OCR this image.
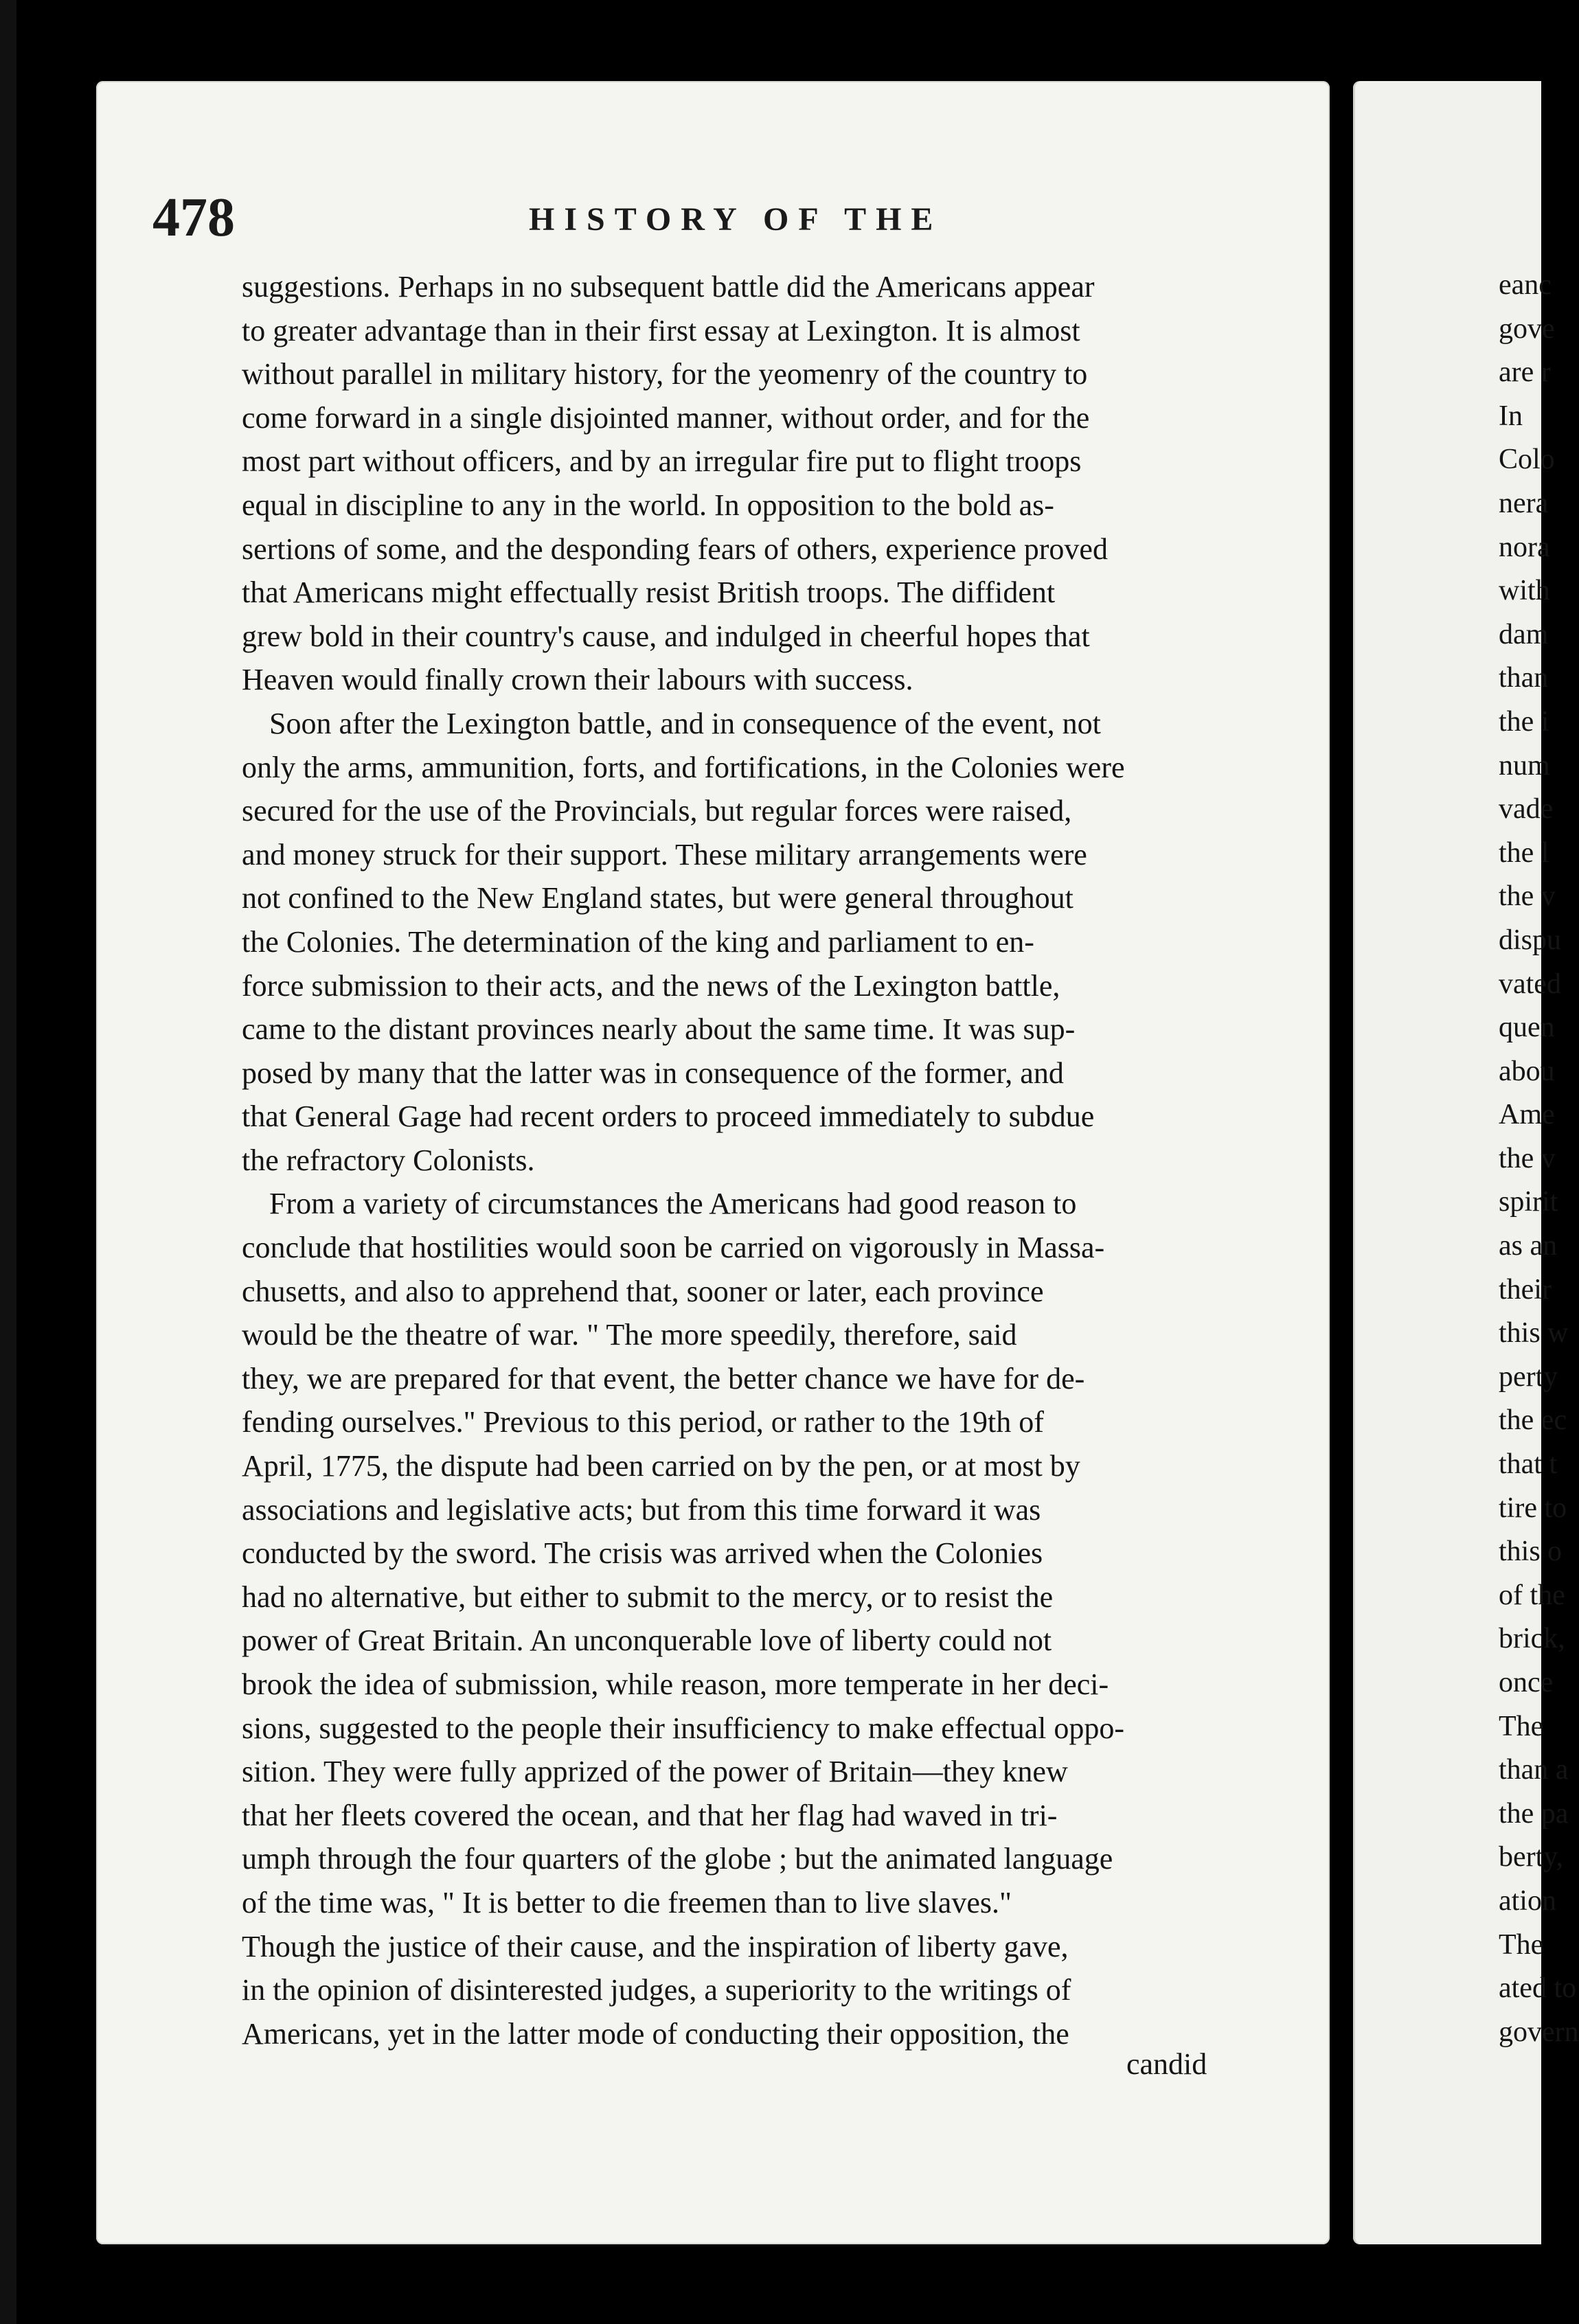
478	HISTORY OF THE
suggestions. Perhaps in no subsequent battle did the Americans appear
to greater advantage than in their first essay at Lexington. It is almost
without parallel in military history, for the yeomenry of the country to
come forward in a single disjointed manner, without order, and for the
most part without officers, and by an irregular fire put to flight troops
equal in discipline to any in the world. In opposition to the bold as-
sertions of some, and the desponding fears of others, experience proved
that Americans might effectually resist British troops. The diffident
grew bold in their country's cause, and indulged in cheerful hopes that
Heaven would finally crown their labours with success.
Soon after the Lexington battle, and in consequence of the event, not
only the arms, ammunition, forts, and fortifications, in the Colonies were
secured for the use of the Provincials, but regular forces were raised,
and money struck for their support. These military arrangements were
not confined to the New England states, but were general throughout
the Colonies. The determination of the king and parliament to en-
force submission to their acts, and the news of the Lexington battle,
came to the distant provinces nearly about the same time. It was sup-
posed by many that the latter was in consequence of the former, and
that General Gage had recent orders to proceed immediately to subdue
the refractory Colonists.
From a variety of circumstances the Americans had good reason to
conclude that hostilities would soon be carried on vigorously in Massa-
chusetts, and also to apprehend that, sooner or later, each province
would be the theatre of war. " The more speedily, therefore, said
they, we are prepared for that event, the better chance we have for de-
fending ourselves." Previous to this period, or rather to the 19th of
April, 1775, the dispute had been carried on by the pen, or at most by
associations and legislative acts; but from this time forward it was
conducted by the sword. The crisis was arrived when the Colonies
had no alternative, but either to submit to the mercy, or to resist the
power of Great Britain. An unconquerable love of liberty could not
brook the idea of submission, while reason, more temperate in her deci-
sions, suggested to the people their insufficiency to make effectual oppo-
sition. They were fully apprized of the power of Britain—they knew
that her fleets covered the ocean, and that her flag had waved in tri-
umph through the four quarters of the globe ; but the animated language
of the time was, " It is better to die freemen than to live slaves."
Though the justice of their cause, and the inspiration of liberty gave,
in the opinion of disinterested judges, a superiority to the writings of
Americans, yet in the latter mode of conducting their opposition, the
candid
eanc
gove
are r
In
Colo
nera
nora
with
dam
than
the i
num
vade
the l
the v
dispu
vated
quen
abou
Ame
the v
spirit
as an
their
this w
perty
the ec
that t
tire to
this o
of the
brick,
once
The
than a
the pa
berty,
ation
The
ated to
govern
